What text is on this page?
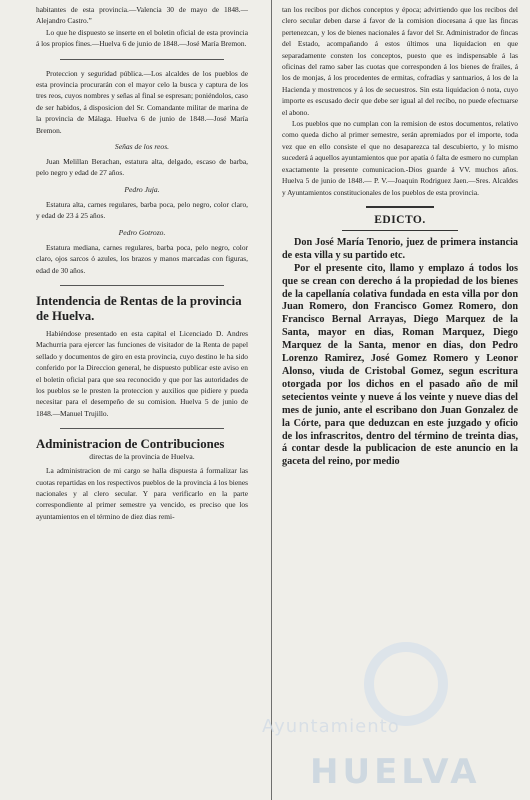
habitantes de esta provincia.—Valencia 30 de mayo de 1848.—Alejandro Castro.”

Lo que he dispuesto se inserte en el boletin oficial de esta provincia á los propios fines.—Huelva 6 de junio de 1848.—José María Bremon.

Proteccion y seguridad pública.—Los alcaldes de los pueblos de esta provincia procurarán con el mayor celo la busca y captura de los tres reos, cuyos nombres y señas al final se espresan; poniéndolos, caso de ser habidos, á disposicion del Sr. Comandante militar de marina de la provincia de Málaga. Huelva 6 de junio de 1848.—José María Bremon.

Señas de los reos.

Juan Melillan Berachan, estatura alta, delgado, escaso de barba, pelo negro y edad de 27 años.

Pedro Juja.

Estatura alta, carnes regulares, barba poca, pelo negro, color claro, y edad de 23 á 25 años.

Pedro Gotrozo.

Estatura mediana, carnes regulares, barba poca, pelo negro, color claro, ojos sarcos ó azules, los brazos y manos marcadas con figuras, edad de 30 años.

Intendencia de Rentas de la provincia de Huelva.

Habiéndose presentado en esta capital el Licenciado D. Andres Machurria para ejercer las funciones de visitador de la Renta de papel sellado y documentos de giro en esta provincia, cuyo destino le ha sido conferido por la Direccion general, he dispuesto publicar este aviso en el boletin oficial para que sea reconocido y que por las autoridades de los pueblos se le presten la proteccion y auxilios que pidiere y pueda necesitar para el desempeño de su comision. Huelva 5 de junio de 1848.—Manuel Trujillo.

Administracion de Contribuciones
directas de la provincia de Huelva.

La administracion de mi cargo se halla dispuesta á formalizar las cuotas repartidas en los respectivos pueblos de la provincia á los bienes nacionales y al clero secular. Y para verificarlo en la parte correspondiente al primer semestre ya vencido, es preciso que los ayuntamientos en el término de diez dias remi-

tan los recibos por dichos conceptos y época; advirtiendo que los recibos del clero secular deben darse á favor de la comision diocesana á que las fincas pertenezcan, y los de bienes nacionales á favor del Sr. Administrador de fincas del Estado, acompañando á estos últimos una liquidacion en que separadamente consten los conceptos, puesto que es indispensable á las oficinas del ramo saber las cuotas que corresponden á los bienes de frailes, á los de monjas, á los procedentes de ermitas, cofradías y santuarios, á los de la Hacienda y mostrencos y á los de secuestros. Sin esta liquidacion ó nota, cuyo importe es escusado decir que debe ser igual al del recibo, no puede efectuarse el abono.

Los pueblos que no cumplan con la remision de estos documentos, relativo como queda dicho al primer semestre, serán apremiados por el importe, toda vez que en ello consiste el que no desaparezca tal descubierto, y lo mismo sucederá á aquellos ayuntamientos que por apatía ó falta de esmero no cumplan exactamente la presente comunicacion.-Dios guarde á VV. muchos años. Huelva 5 de junio de 1848.— P. V.—Joaquin Rodriguez Jaen.—Sres. Alcaldes y Ayuntamientos constitucionales de los pueblos de esta provincia.

EDICTO.

Don José María Tenorio, juez de primera instancia de esta villa y su partido etc.

Por el presente cito, llamo y emplazo á todos los que se crean con derecho á la propiedad de los bienes de la capellanía colativa fundada en esta villa por don Juan Romero, don Francisco Gomez Romero, don Francisco Bernal Arrayas, Diego Marquez de la Santa, mayor en dias, Roman Marquez, Diego Marquez de la Santa, menor en dias, don Pedro Lorenzo Ramirez, José Gomez Romero y Leonor Alonso, viuda de Cristobal Gomez, segun escritura otorgada por los dichos en el pasado año de mil setecientos veinte y nueve á los veinte y nueve dias del mes de junio, ante el escribano don Juan Gonzalez de la Córte, para que deduzcan en este juzgado y oficio de los infrascritos, dentro del término de treinta dias, á contar desde la publicacion de este anuncio en la gaceta del reino, por medio

Ayuntamiento
HUELVA
